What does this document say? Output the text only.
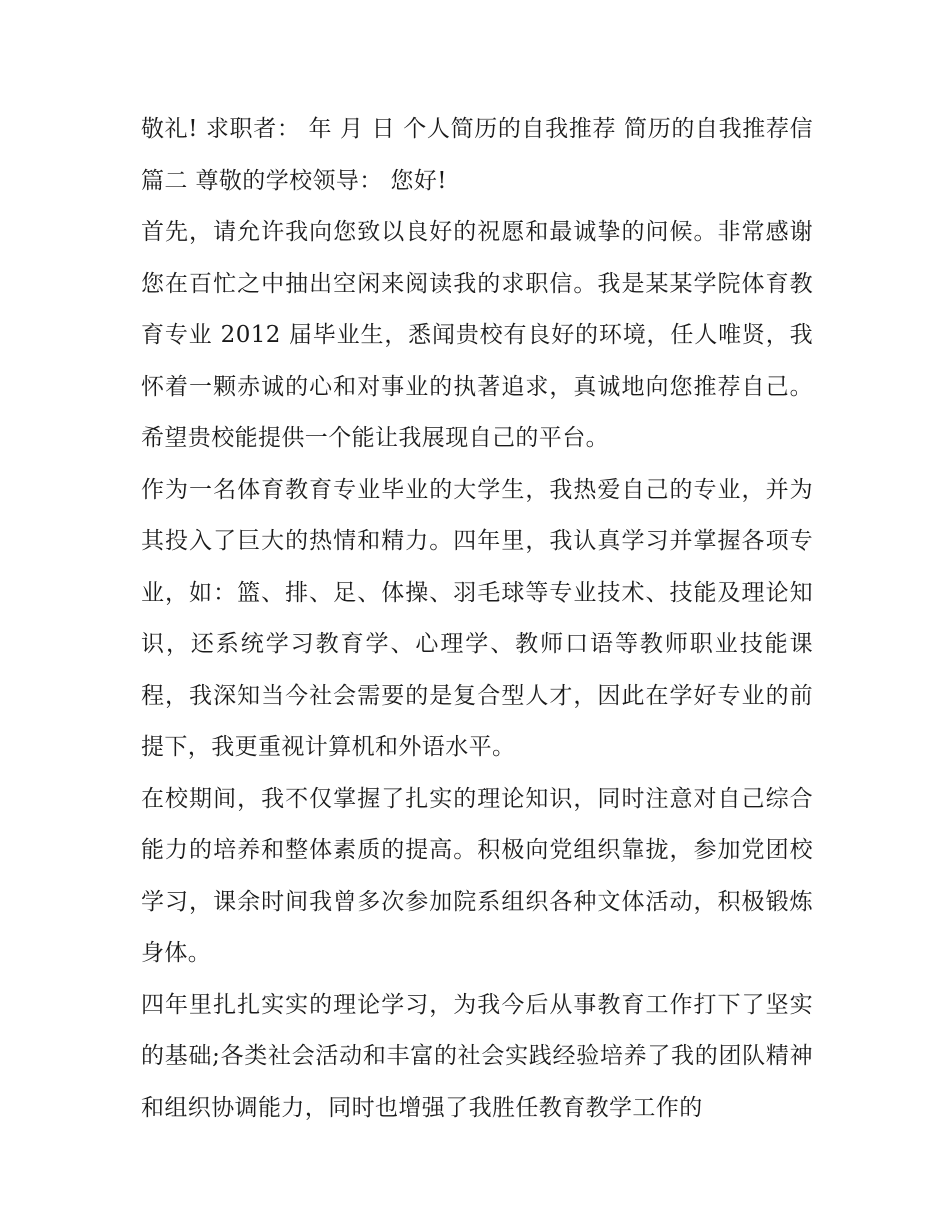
敬礼! 求职者： 年 月 日 个人简历的自我推荐 简历的自我推荐信篇二 尊敬的学校领导： 您好!

首先，请允许我向您致以良好的祝愿和最诚挚的问候。非常感谢您在百忙之中抽出空闲来阅读我的求职信。我是某某学院体育教育专业 2012 届毕业生，悉闻贵校有良好的环境，任人唯贤，我怀着一颗赤诚的心和对事业的执著追求，真诚地向您推荐自己。希望贵校能提供一个能让我展现自己的平台。

作为一名体育教育专业毕业的大学生，我热爱自己的专业，并为其投入了巨大的热情和精力。四年里，我认真学习并掌握各项专业，如：篮、排、足、体操、羽毛球等专业技术、技能及理论知识，还系统学习教育学、心理学、教师口语等教师职业技能课程，我深知当今社会需要的是复合型人才，因此在学好专业的前提下，我更重视计算机和外语水平。

在校期间，我不仅掌握了扎实的理论知识，同时注意对自己综合能力的培养和整体素质的提高。积极向党组织靠拢，参加党团校学习，课余时间我曾多次参加院系组织各种文体活动，积极锻炼身体。

四年里扎扎实实的理论学习，为我今后从事教育工作打下了坚实的基础;各类社会活动和丰富的社会实践经验培养了我的团队精神和组织协调能力，同时也增强了我胜任教育教学工作的
